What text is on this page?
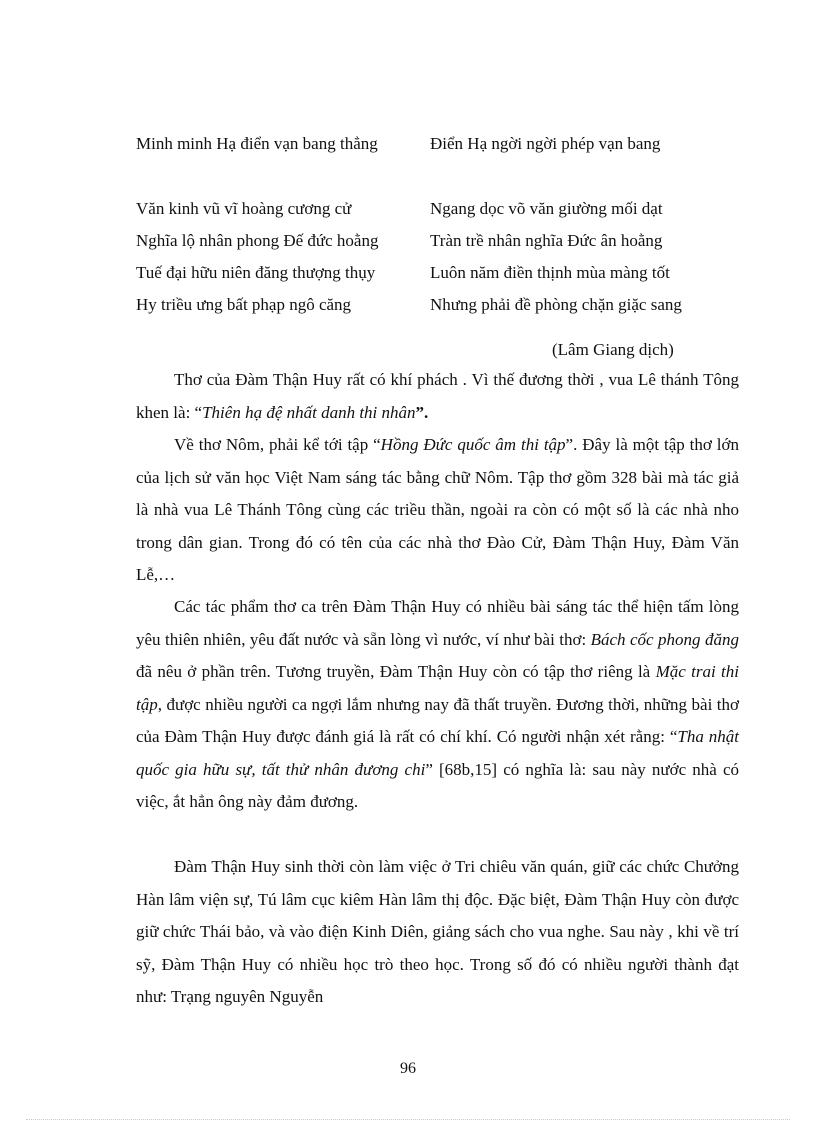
Minh minh Hạ điển vạn bang thẳng	Điển Hạ ngời ngời phép vạn bang
Văn kinh vũ vĩ hoàng cương cử	Ngang dọc võ văn giường mối dạt
Nghĩa lộ nhân phong Đế đức hoằng	Tràn trề nhân nghĩa Đức ân hoằng
Tuế đại hữu niên đăng thượng thụy	Luôn năm điền thịnh mùa màng tốt
Hy triều ưng bất phạp ngô căng	Nhưng phải đề phòng chặn giặc sang
(Lâm Giang dịch)

Thơ của Đàm Thận Huy rất có khí phách . Vì thế đương thời , vua Lê thánh Tông khen là: “Thiên hạ đệ nhất danh thi nhân”.

Về thơ Nôm, phải kể tới tập “Hồng Đức quốc âm thi tập”. Đây là một tập thơ lớn của lịch sử văn học Việt Nam sáng tác bằng chữ Nôm. Tập thơ gồm 328 bài mà tác giả là nhà vua Lê Thánh Tông cùng các triều thần, ngoài ra còn có một số là các nhà nho trong dân gian. Trong đó có tên của các nhà thơ Đào Cử, Đàm Thận Huy, Đàm Văn Lễ,…

Các tác phẩm thơ ca trên Đàm Thận Huy có nhiều bài sáng tác thể hiện tấm lòng yêu thiên nhiên, yêu đất nước và sẵn lòng vì nước, ví như bài thơ: Bách cốc phong đăng đã nêu ở phần trên. Tương truyền, Đàm Thận Huy còn có tập thơ riêng là Mặc trai thi tập, được nhiều người ca ngợi lắm nhưng nay đã thất truyền. Đương thời, những bài thơ của Đàm Thận Huy được đánh giá là rất có chí khí. Có người nhận xét rằng: “Tha nhật quốc gia hữu sự, tất thử nhân đương chi” [68b,15] có nghĩa là: sau này nước nhà có việc, ắt hẳn ông này đảm đương.

Đàm Thận Huy sinh thời còn làm việc ở Tri chiêu văn quán, giữ các chức Chưởng Hàn lâm viện sự, Tú lâm cục kiêm Hàn lâm thị độc. Đặc biệt, Đàm Thận Huy còn được giữ chức Thái bảo, và vào điện Kinh Diên, giảng sách cho vua nghe. Sau này , khi về trí sỹ, Đàm Thận Huy có nhiều học trò theo học. Trong số đó có nhiều người thành đạt như: Trạng nguyên Nguyễn

96
